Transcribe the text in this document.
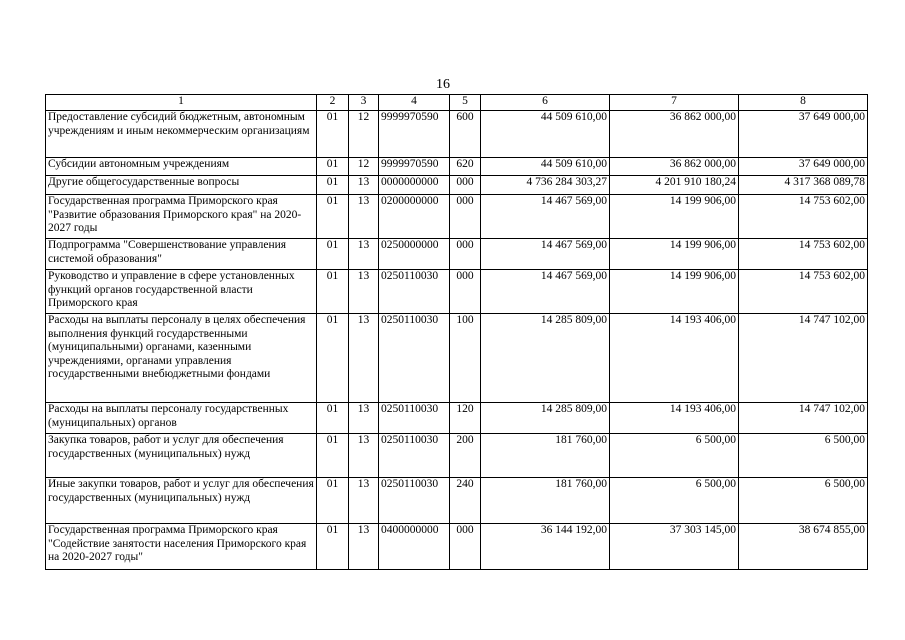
16
1	2	3	4	5	6	7	8
Предоставление субсидий бюджетным, автономным учреждениям и иным некоммерческим организациям	01	12	9999970590	600	44 509 610,00	36 862 000,00	37 649 000,00
Субсидии автономным учреждениям	01	12	9999970590	620	44 509 610,00	36 862 000,00	37 649 000,00
Другие общегосударственные вопросы	01	13	0000000000	000	4 736 284 303,27	4 201 910 180,24	4 317 368 089,78
Государственная программа Приморского края "Развитие образования Приморского края" на 2020-2027 годы	01	13	0200000000	000	14 467 569,00	14 199 906,00	14 753 602,00
Подпрограмма "Совершенствование управления системой образования"	01	13	0250000000	000	14 467 569,00	14 199 906,00	14 753 602,00
Руководство и управление в сфере установленных функций органов государственной власти Приморского края	01	13	0250110030	000	14 467 569,00	14 199 906,00	14 753 602,00
Расходы на выплаты персоналу в целях обеспечения выполнения функций государственными (муниципальными) органами, казенными учреждениями, органами управления государственными внебюджетными фондами	01	13	0250110030	100	14 285 809,00	14 193 406,00	14 747 102,00
Расходы на выплаты персоналу государственных (муниципальных) органов	01	13	0250110030	120	14 285 809,00	14 193 406,00	14 747 102,00
Закупка товаров, работ и услуг для обеспечения государственных (муниципальных) нужд	01	13	0250110030	200	181 760,00	6 500,00	6 500,00
Иные закупки товаров, работ и услуг для обеспечения государственных (муниципальных) нужд	01	13	0250110030	240	181 760,00	6 500,00	6 500,00
Государственная программа Приморского края "Содействие занятости населения Приморского края на 2020-2027 годы"	01	13	0400000000	000	36 144 192,00	37 303 145,00	38 674 855,00
